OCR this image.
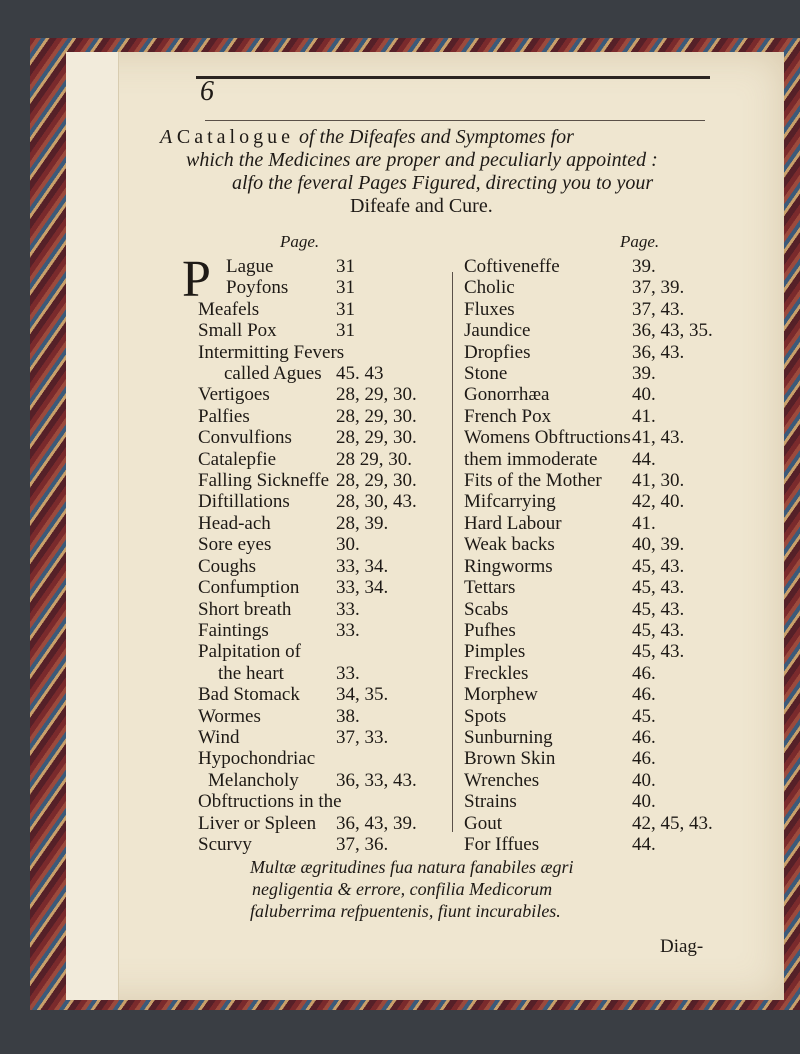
6
A Catalogue of the Difeafes and Symptomes for
which the Medicines are proper and peculiarly appointed :
alfo the feveral Pages Figured, directing you to your
Difeafe and Cure.
Page.	Page.
P Lague	31
Poyfons	31
Meafels	31
Small Pox	31
Intermitting Fevers
called Agues 45. 43
Vertigoes	28, 29, 30.
Palfies	28, 29, 30.
Convulfions 28, 29, 30.
Catalepfie	28 29, 30.
Falling Sickneffe 28, 29, 30.
Diftillations 28, 30, 43.
Head-ach	28, 39.
Sore eyes	30.
Coughs	33, 34.
Confumption 33, 34.
Short breath 33.
Faintings	33.
Palpitation of
the heart	33.
Bad Stomack 34, 35.
Wormes	38.
Wind	37, 33.
Hypochondriac
Melancholy 36, 33, 43.
Obftructions in the
Liver or Spleen 36, 43, 39.
Scurvy	37, 36.
Coftiveneffe	39.
Cholic	37, 39.
Fluxes	37, 43.
Jaundice	36, 43, 35.
Dropfies	36, 43.
Stone	39.
Gonorrhæa	40.
French Pox	41.
Womens Obftructions 41, 43.
them immoderate 44.
Fits of the Mother 41, 30.
Mifcarrying	42, 40.
Hard Labour	41.
Weak backs	40, 39.
Ringworms	45, 43.
Tettars	45, 43.
Scabs	45, 43.
Pufhes	45, 43.
Pimples	45, 43.
Freckles	46.
Morphew	46.
Spots	45.
Sunburning	46.
Brown Skin	46.
Wrenches	40.
Strains	40.
Gout	42, 45, 43.
For Iffues	44.
Multæ ægritudines fua natura fanabiles ægri
negligentia & errore, confilia Medicorum
faluberrima refpuentenis, fiunt incurabiles.
Diag-
